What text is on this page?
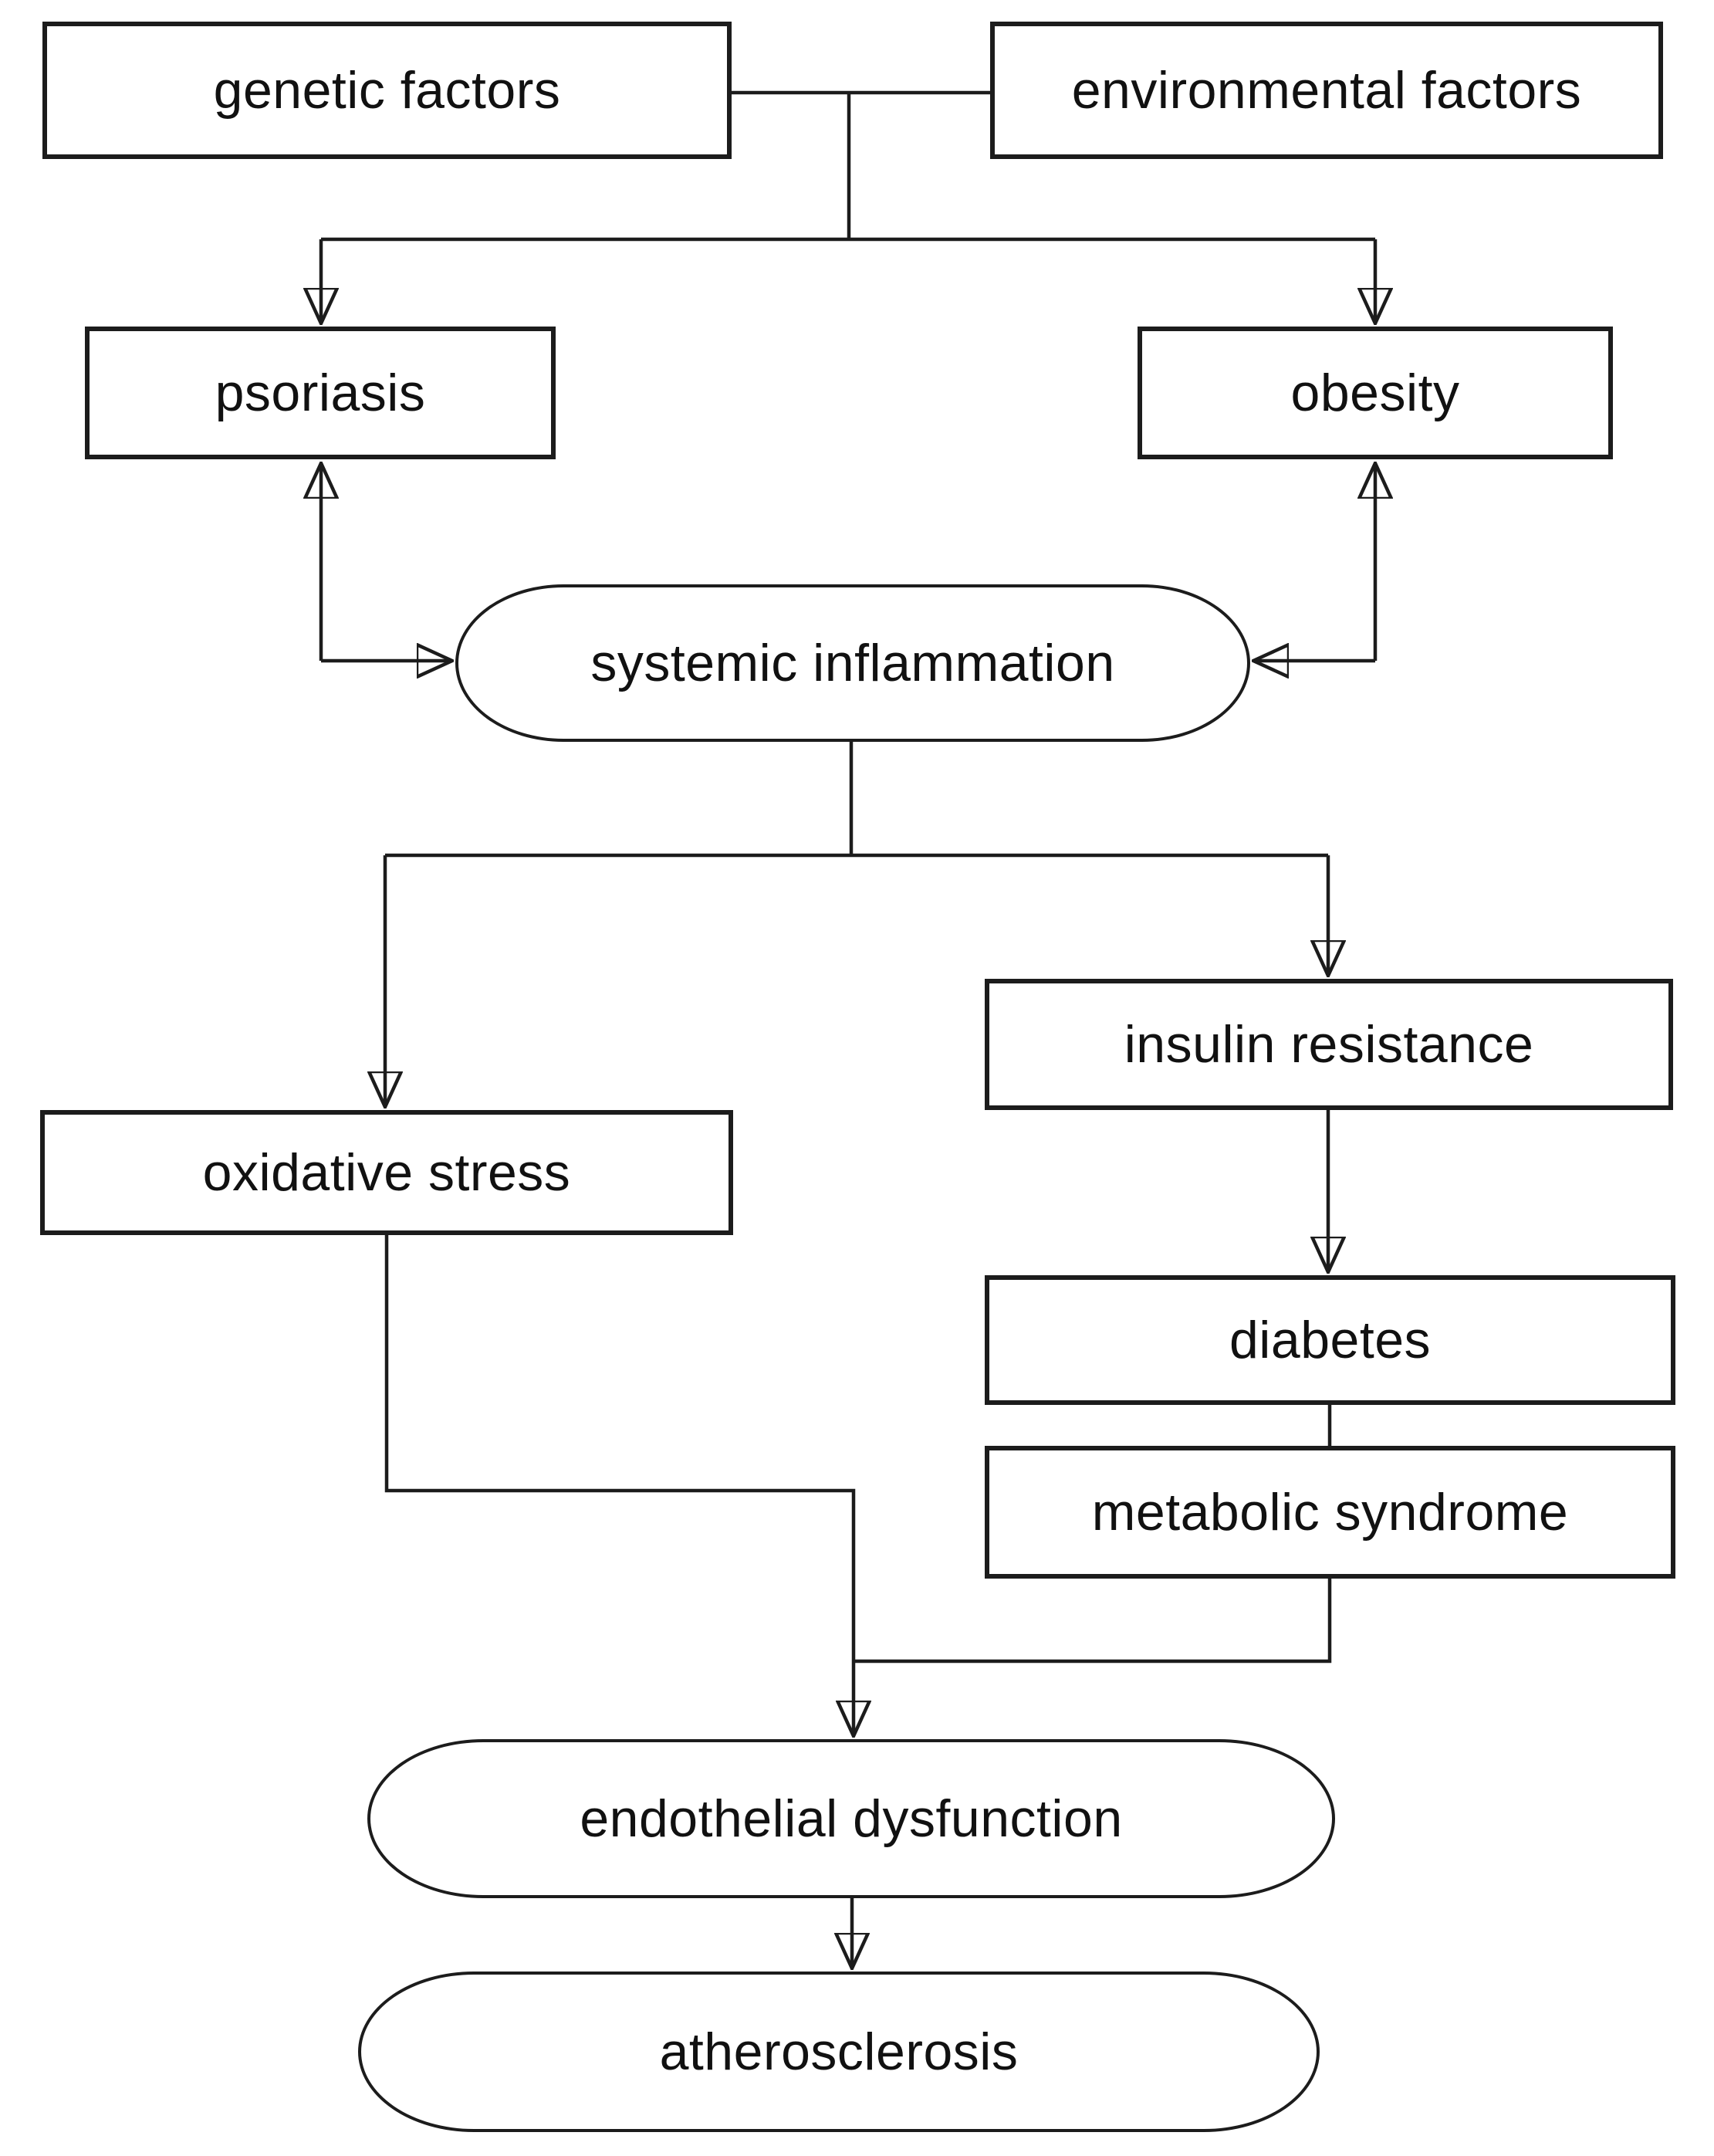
genetic factors	environmental factors
psoriasis	obesity
systemic inflammation
oxidative stress
insulin resistance
diabetes
metabolic syndrome
endothelial dysfunction
atherosclerosis
